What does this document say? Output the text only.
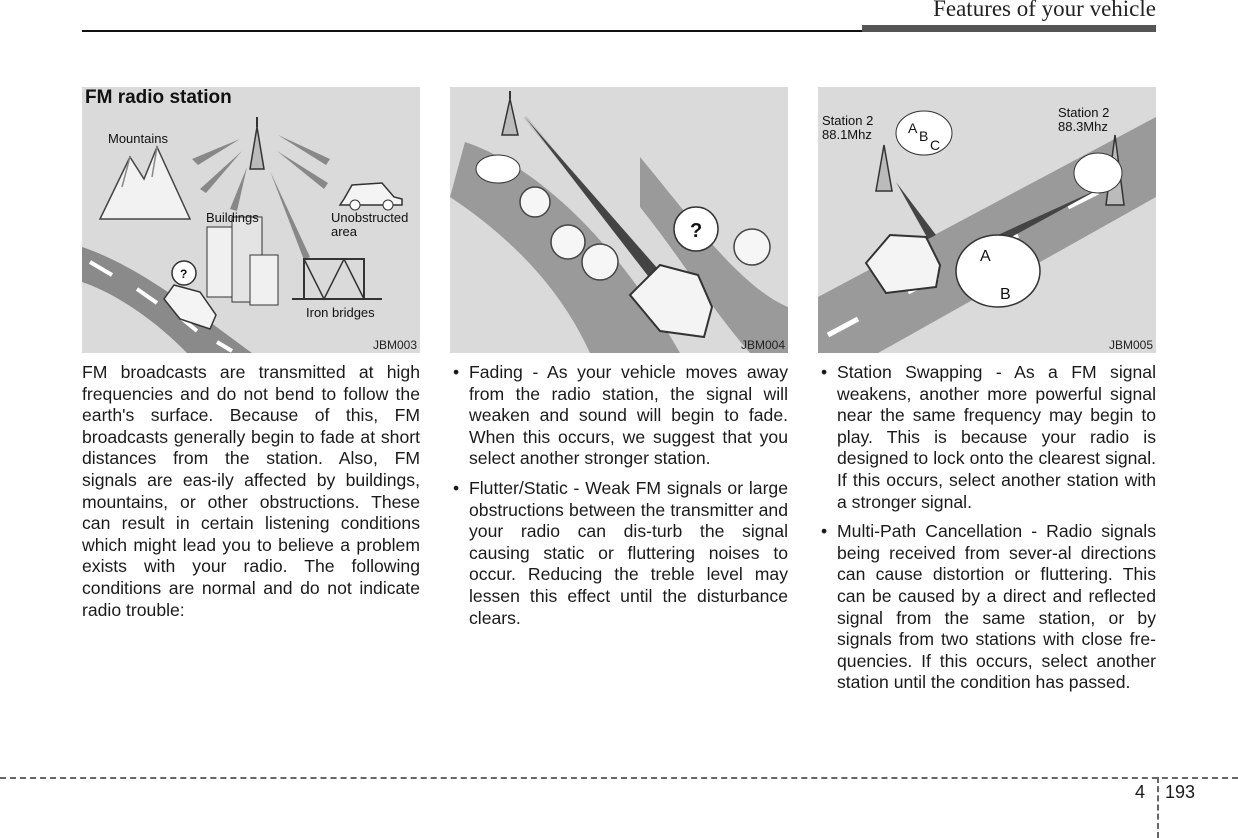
Features of your vehicle
?
Mountains
Buildings	Unobstructed
area
Iron bridges
FM radio station
JBM003
?
JBM004
Station 2
88.1Mhz
Station 2
88.3Mhz
A B
C
A
B
JBM005

FM broadcasts are transmitted at high frequencies and do not bend to follow the earth's surface. Because of this, FM broadcasts generally begin to fade at short distances from the station. Also, FM signals are eas-ily affected by buildings, mountains, or other obstructions. These can result in certain listening conditions which might lead you to believe a problem exists with your radio. The following conditions are normal and do not indicate radio trouble:

• Fading - As your vehicle moves away from the radio station, the signal will weaken and sound will begin to fade. When this occurs, we suggest that you select another stronger station.
• Flutter/Static - Weak FM signals or large obstructions between the transmitter and your radio can dis-turb the signal causing static or fluttering noises to occur. Reducing the treble level may lessen this effect until the disturbance clears.
• Station Swapping - As a FM signal weakens, another more powerful signal near the same frequency may begin to play. This is because your radio is designed to lock onto the clearest signal. If this occurs, select another station with a stronger signal.
• Multi-Path Cancellation - Radio signals being received from sever-al directions can cause distortion or fluttering. This can be caused by a direct and reflected signal from the same station, or by signals from two stations with close fre-quencies. If this occurs, select another station until the condition has passed.
4 193
